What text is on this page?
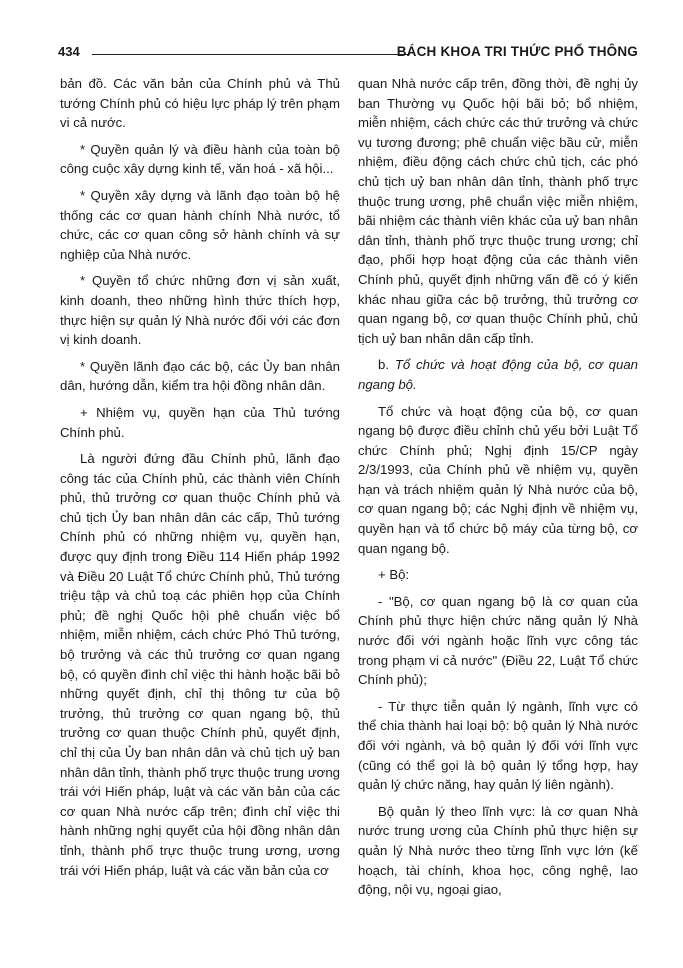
434	BÁCH KHOA TRI THỨC PHỔ THÔNG

bản đồ. Các văn bản của Chính phủ và Thủ tướng Chính phủ có hiệu lực pháp lý trên phạm vi cả nước.

* Quyền quản lý và điều hành của toàn bộ công cuộc xây dựng kinh tế, văn hoá - xã hội...

* Quyền xây dựng và lãnh đạo toàn bộ hệ thống các cơ quan hành chính Nhà nước, tổ chức, các cơ quan công sở hành chính và sự nghiệp của Nhà nước.

* Quyền tổ chức những đơn vị sản xuất, kinh doanh, theo những hình thức thích hợp, thực hiện sự quản lý Nhà nước đối với các đơn vị kinh doanh.

* Quyền lãnh đạo các bộ, các Ủy ban nhân dân, hướng dẫn, kiểm tra hội đồng nhân dân.

+ Nhiệm vụ, quyền hạn của Thủ tướng Chính phủ.

Là người đứng đầu Chính phủ, lãnh đạo công tác của Chính phủ, các thành viên Chính phủ, thủ trưởng cơ quan thuộc Chính phủ và chủ tịch Ủy ban nhân dân các cấp, Thủ tướng Chính phủ có những nhiệm vụ, quyền hạn, được quy định trong Điều 114 Hiến pháp 1992 và Điều 20 Luật Tổ chức Chính phủ, Thủ tướng triệu tập và chủ toạ các phiên họp của Chính phủ; đề nghị Quốc hội phê chuẩn việc bổ nhiệm, miễn nhiệm, cách chức Phó Thủ tướng, bộ trưởng và các thủ trưởng cơ quan ngang bộ, có quyền đình chỉ việc thi hành hoặc bãi bỏ những quyết định, chỉ thị thông tư của bộ trưởng, thủ trưởng cơ quan ngang bộ, thủ trưởng cơ quan thuộc Chính phủ, quyết định, chỉ thị của Ủy ban nhân dân và chủ tịch uỷ ban nhân dân tỉnh, thành phố trực thuộc trung ương trái với Hiến pháp, luật và các văn bản của các cơ quan Nhà nước cấp trên; đình chỉ việc thi hành những nghị quyết của hội đồng nhân dân tỉnh, thành phố trực thuộc trung ương, ương trái với Hiến pháp, luật và các văn bản của cơ

quan Nhà nước cấp trên, đồng thời, đề nghị ủy ban Thường vụ Quốc hội bãi bỏ; bổ nhiệm, miễn nhiệm, cách chức các thứ trưởng và chức vụ tương đương; phê chuẩn việc bầu cử, miễn nhiệm, điều động cách chức chủ tịch, các phó chủ tịch uỷ ban nhân dân tỉnh, thành phố trực thuộc trung ương, phê chuẩn việc miễn nhiệm, bãi nhiệm các thành viên khác của uỷ ban nhân dân tỉnh, thành phố trực thuộc trung ương; chỉ đạo, phối hợp hoạt động của các thành viên Chính phủ, quyết định những vấn đề có ý kiến khác nhau giữa các bộ trưởng, thủ trưởng cơ quan ngang bộ, cơ quan thuộc Chính phủ, chủ tịch uỷ ban nhân dân cấp tỉnh.

b. Tổ chức và hoạt động của bộ, cơ quan ngang bộ.

Tổ chức và hoạt động của bộ, cơ quan ngang bộ được điều chỉnh chủ yếu bởi Luật Tổ chức Chính phủ; Nghị định 15/CP ngày 2/3/1993, của Chính phủ về nhiệm vụ, quyền hạn và trách nhiệm quản lý Nhà nước của bộ, cơ quan ngang bộ; các Nghị định về nhiệm vụ, quyền hạn và tổ chức bộ máy của từng bộ, cơ quan ngang bộ.

+ Bộ:

- "Bộ, cơ quan ngang bộ là cơ quan của Chính phủ thực hiện chức năng quản lý Nhà nước đối với ngành hoặc lĩnh vực công tác trong phạm vi cả nước" (Điều 22, Luật Tổ chức Chính phủ);

- Từ thực tiễn quản lý ngành, lĩnh vực có thể chia thành hai loại bộ: bộ quản lý Nhà nước đối với ngành, và bộ quản lý đối với lĩnh vực (cũng có thể gọi là bộ quản lý tổng hợp, hay quản lý chức năng, hay quản lý liên ngành).

Bộ quản lý theo lĩnh vực: là cơ quan Nhà nước trung ương của Chính phủ thực hiện sự quản lý Nhà nước theo từng lĩnh vực lớn (kế hoạch, tài chính, khoa học, công nghệ, lao động, nội vụ, ngoại giao,
